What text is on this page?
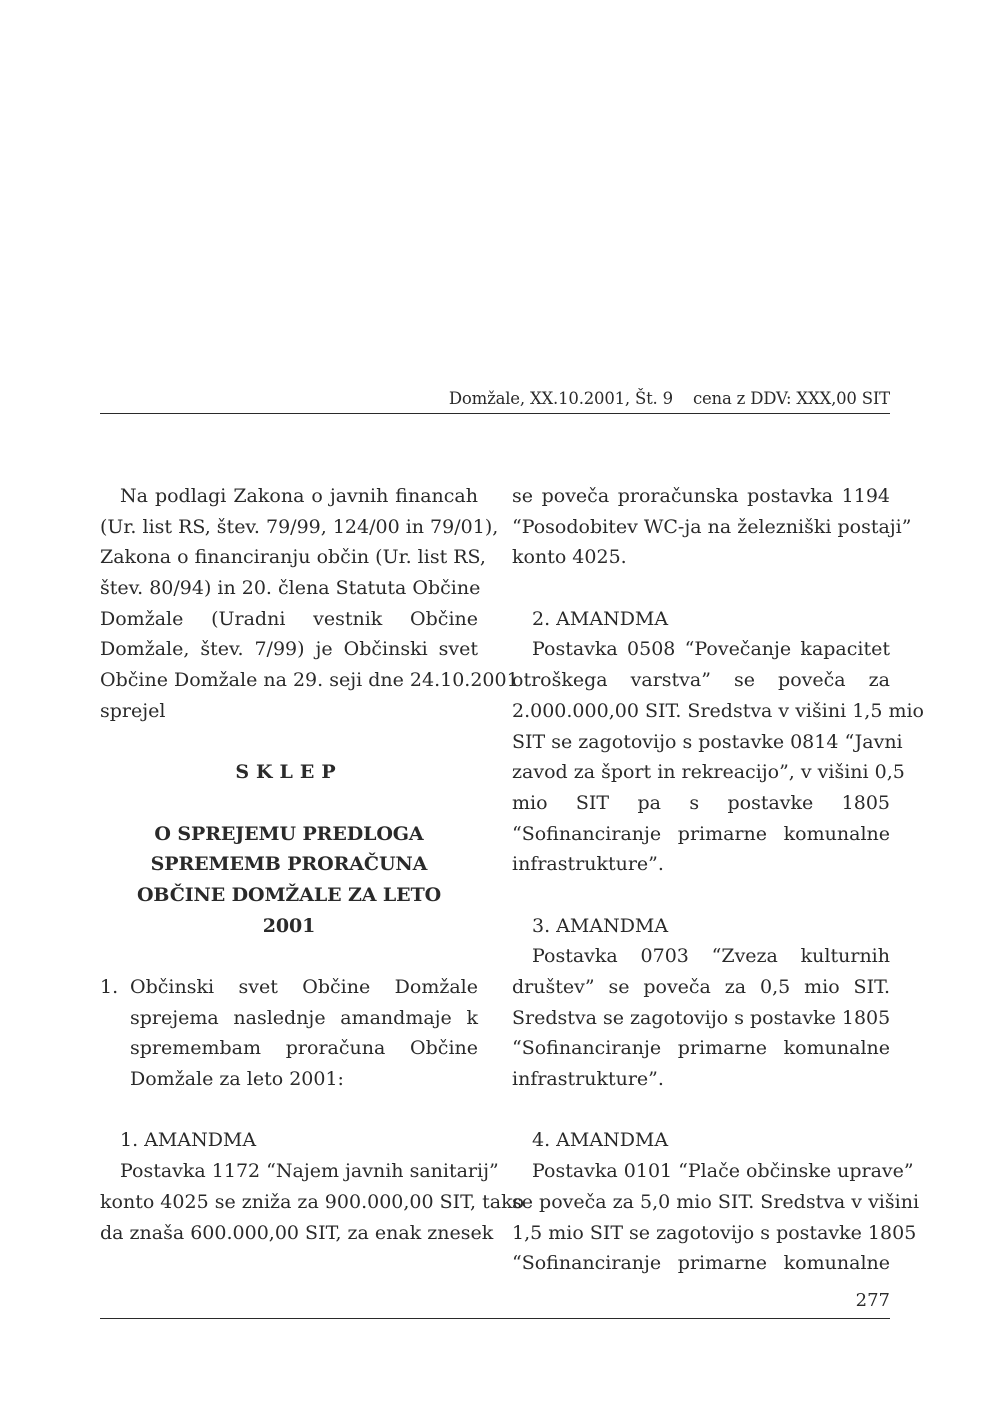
Domžale, XX.10.2001, Št. 9 cena z DDV: XXX,00 SIT
Na podlagi Zakona o javnih financah
(Ur. list RS, štev. 79/99, 124/00 in 79/01),
Zakona o financiranju občin (Ur. list RS,
štev. 80/94) in 20. člena Statuta Občine
Domžale (Uradni vestnik Občine
Domžale, štev. 7/99) je Občinski svet
Občine Domžale na 29. seji dne 24.10.2001
sprejel
SKLEP
O SPREJEMU PREDLOGA
SPREMEMB PRORAČUNA
OBČINE DOMŽALE ZA LETO
2001
1. Občinski svet Občine Domžale
sprejema naslednje amandmaje k
spremembam proračuna Občine
Domžale za leto 2001:
1. AMANDMA
Postavka 1172 “Najem javnih sanitarij”
konto 4025 se zniža za 900.000,00 SIT, tako
da znaša 600.000,00 SIT, za enak znesek
se poveča proračunska postavka 1194
“Posodobitev WC-ja na železniški postaji”
konto 4025.
2. AMANDMA
Postavka 0508 “Povečanje kapacitet
otroškega varstva” se poveča za
2.000.000,00 SIT. Sredstva v višini 1,5 mio
SIT se zagotovijo s postavke 0814 “Javni
zavod za šport in rekreacijo”, v višini 0,5
mio SIT pa s postavke 1805
“Sofinanciranje primarne komunalne
infrastrukture”.
3. AMANDMA
Postavka 0703 “Zveza kulturnih
društev” se poveča za 0,5 mio SIT.
Sredstva se zagotovijo s postavke 1805
“Sofinanciranje primarne komunalne
infrastrukture”.
4. AMANDMA
Postavka 0101 “Plače občinske uprave”
se poveča za 5,0 mio SIT. Sredstva v višini
1,5 mio SIT se zagotovijo s postavke 1805
“Sofinanciranje primarne komunalne
277
